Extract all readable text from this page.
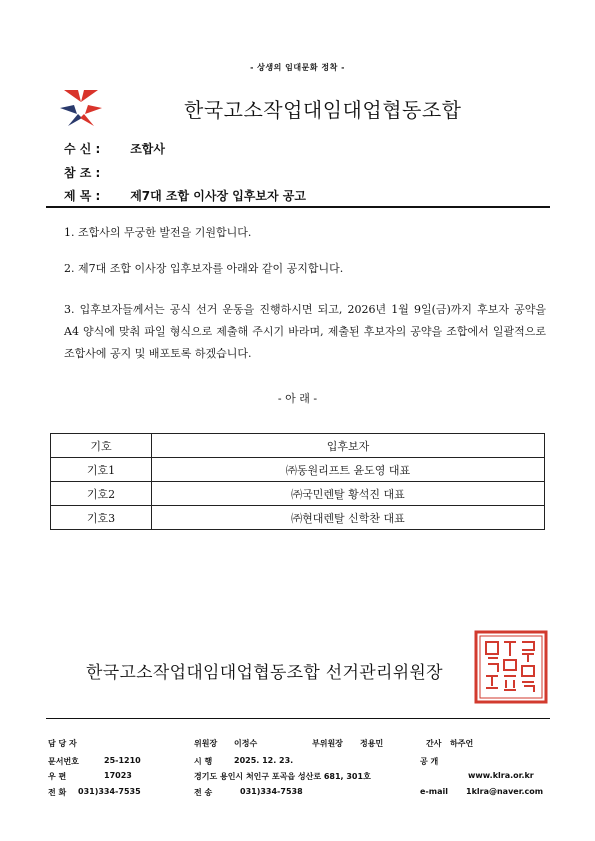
- 상생의 임대문화 정착 -
한국고소작업대임대업협동조합
수 신 : 조합사
참 조 :
제 목 : 제7대 조합 이사장 입후보자 공고
1. 조합사의 무궁한 발전을 기원합니다.
2. 제7대 조합 이사장 입후보자를 아래와 같이 공지합니다.
3. 입후보자들께서는 공식 선거 운동을 진행하시면 되고, 2026년 1월 9일(금)까지 후보자 공약을 A4 양식에 맞춰 파일 형식으로 제출해 주시기 바라며, 제출된 후보자의 공약을 조합에서 일괄적으로 조합사에 공지 및 배포토록 하겠습니다.
- 아 래 -
기호	입후보자
기호1	㈜동원리프트 윤도영 대표
기호2	㈜국민렌탈 황석진 대표
기호3	㈜현대렌탈 신학찬 대표
한국고소작업대임대업협동조합 선거관리위원장
담 당 자	위원장 이정수	부위원장 정용민	간사 하주언
문서번호	25-1210	시 행	2025. 12. 23.	공 개
우 편	17023	경기도 용인시 처인구 포곡읍 성산로 681, 301호	www.klra.or.kr
전 화 031)334-7535	전 송	031)334-7538	e-mail 1klra@naver.com
